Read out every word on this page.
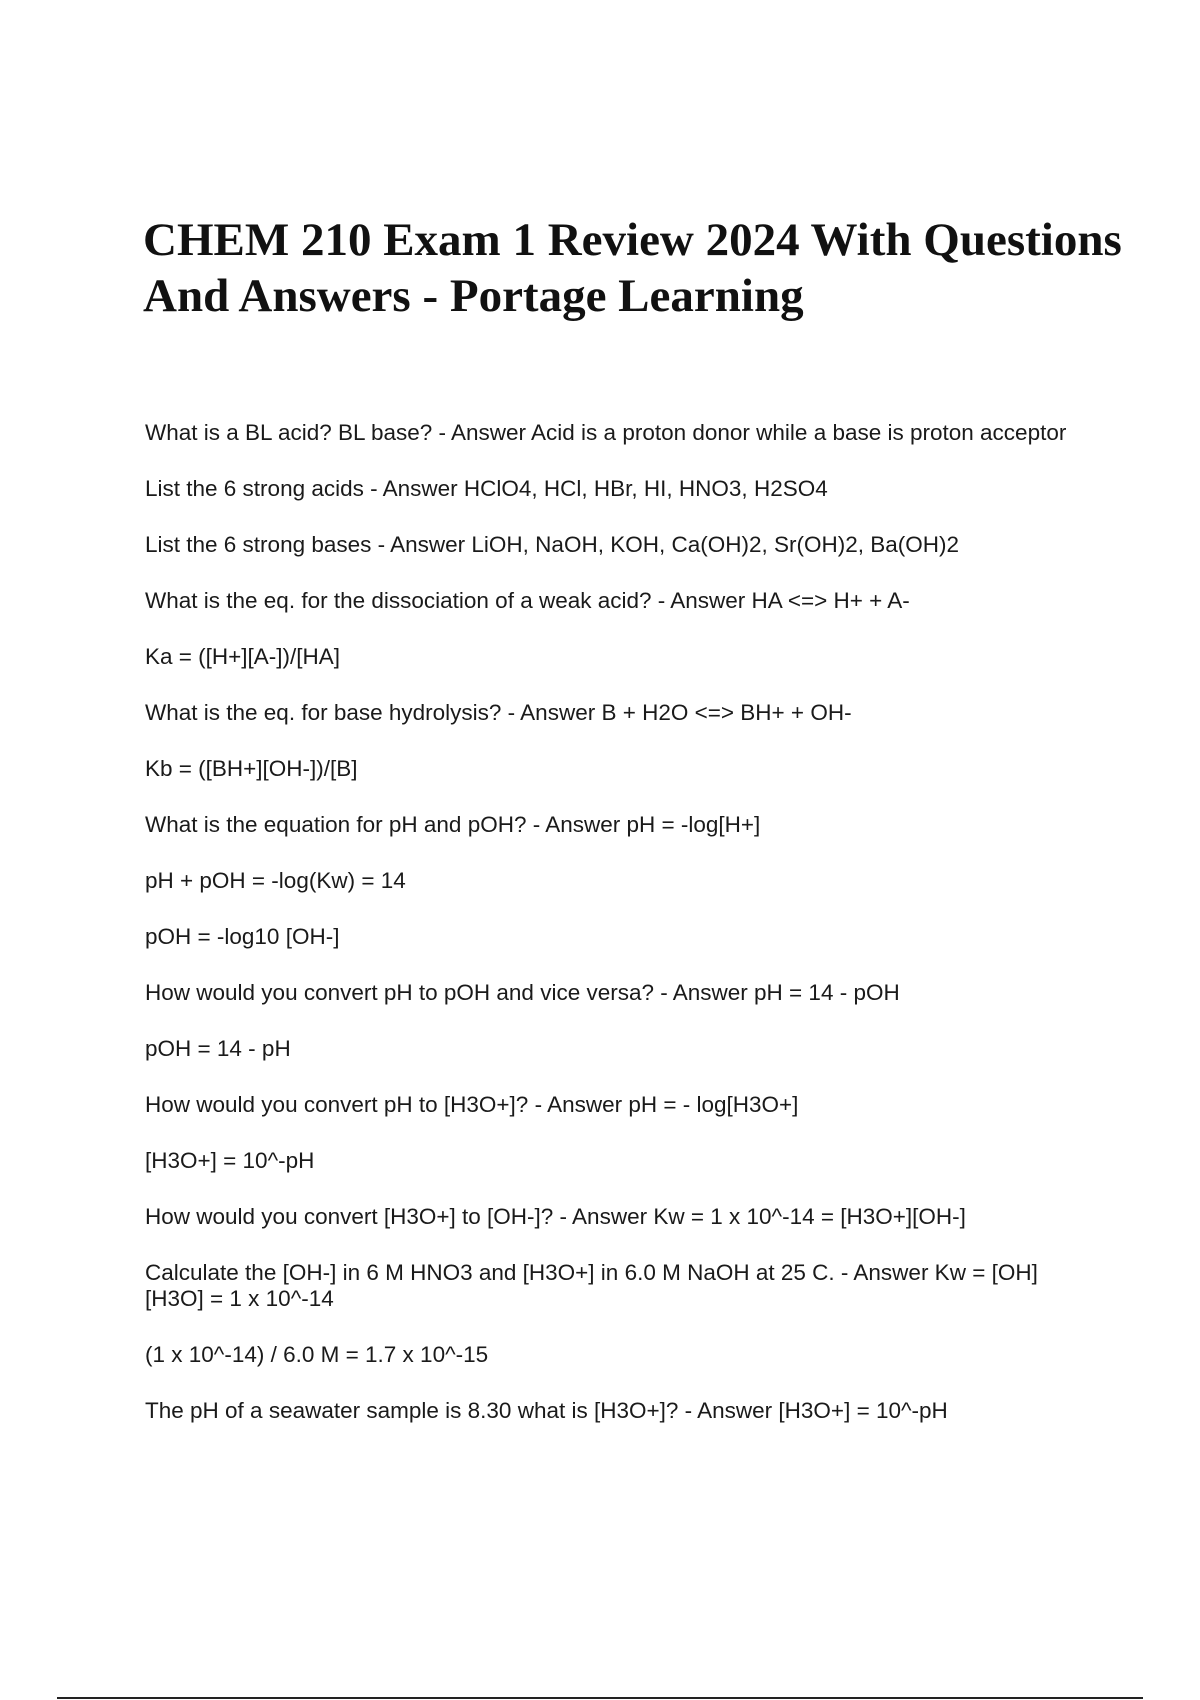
CHEM 210 Exam 1 Review 2024 With Questions And Answers - Portage Learning

What is a BL acid? BL base? - Answer Acid is a proton donor while a base is proton acceptor

List the 6 strong acids - Answer HClO4, HCl, HBr, HI, HNO3, H2SO4

List the 6 strong bases - Answer LiOH, NaOH, KOH, Ca(OH)2, Sr(OH)2, Ba(OH)2

What is the eq. for the dissociation of a weak acid? - Answer HA <=> H+ + A-

Ka = ([H+][A-])/[HA]

What is the eq. for base hydrolysis? - Answer B + H2O <=> BH+ + OH-

Kb = ([BH+][OH-])/[B]

What is the equation for pH and pOH? - Answer pH = -log[H+]

pH + pOH = -log(Kw) = 14

pOH = -log10 [OH-]

How would you convert pH to pOH and vice versa? - Answer pH = 14 - pOH

pOH = 14 - pH

How would you convert pH to [H3O+]? - Answer pH = - log[H3O+]

[H3O+] = 10^-pH

How would you convert [H3O+] to [OH-]? - Answer Kw = 1 x 10^-14 = [H3O+][OH-]

Calculate the [OH-] in 6 M HNO3 and [H3O+] in 6.0 M NaOH at 25 C. - Answer Kw = [OH][H3O] = 1 x 10^-14

(1 x 10^-14) / 6.0 M = 1.7 x 10^-15

The pH of a seawater sample is 8.30 what is [H3O+]? - Answer [H3O+] = 10^-pH
